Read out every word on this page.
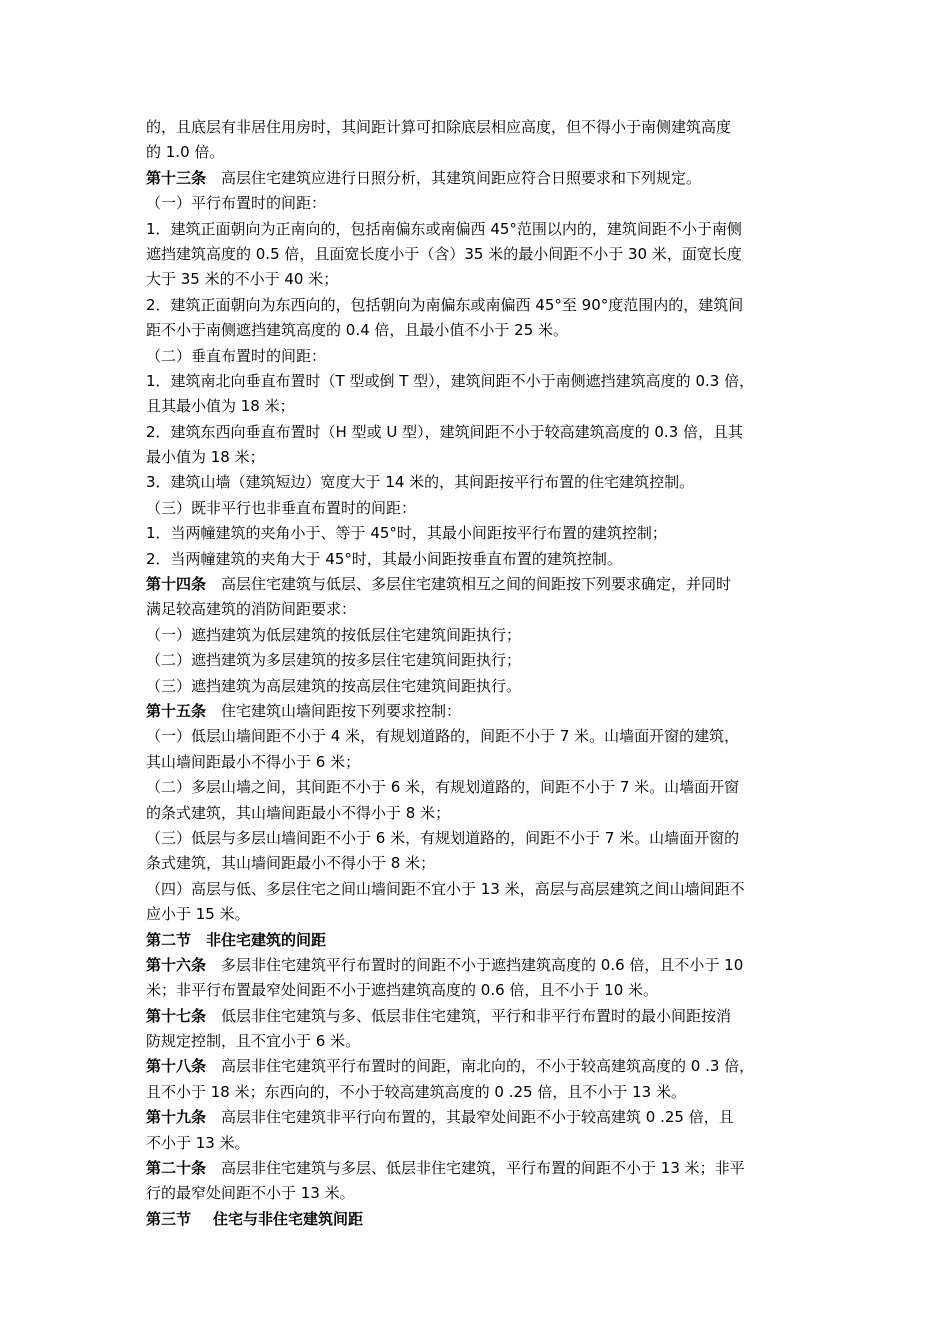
的，且底层有非居住用房时，其间距计算可扣除底层相应高度，但不得小于南侧建筑高度
的 1.0 倍。
第十三条 高层住宅建筑应进行日照分析，其建筑间距应符合日照要求和下列规定。
（一）平行布置时的间距：
1．建筑正面朝向为正南向的，包括南偏东或南偏西 45°范围以内的，建筑间距不小于南侧
遮挡建筑高度的 0.5 倍，且面宽长度小于（含）35 米的最小间距不小于 30 米，面宽长度
大于 35 米的不小于 40 米；
2．建筑正面朝向为东西向的，包括朝向为南偏东或南偏西 45°至 90°度范围内的，建筑间
距不小于南侧遮挡建筑高度的 0.4 倍，且最小值不小于 25 米。
（二）垂直布置时的间距：
1．建筑南北向垂直布置时（T 型或倒 T 型），建筑间距不小于南侧遮挡建筑高度的 0.3 倍，
且其最小值为 18 米；
2．建筑东西向垂直布置时（H 型或 U 型），建筑间距不小于较高建筑高度的 0.3 倍，且其
最小值为 18 米；
3．建筑山墙（建筑短边）宽度大于 14 米的，其间距按平行布置的住宅建筑控制。
（三）既非平行也非垂直布置时的间距：
1．当两幢建筑的夹角小于、等于 45°时，其最小间距按平行布置的建筑控制；
2．当两幢建筑的夹角大于 45°时，其最小间距按垂直布置的建筑控制。
第十四条 高层住宅建筑与低层、多层住宅建筑相互之间的间距按下列要求确定，并同时
满足较高建筑的消防间距要求：
（一）遮挡建筑为低层建筑的按低层住宅建筑间距执行；
（二）遮挡建筑为多层建筑的按多层住宅建筑间距执行；
（三）遮挡建筑为高层建筑的按高层住宅建筑间距执行。
第十五条 住宅建筑山墙间距按下列要求控制：
（一）低层山墙间距不小于 4 米，有规划道路的，间距不小于 7 米。山墙面开窗的建筑，
其山墙间距最小不得小于 6 米；
（二）多层山墙之间，其间距不小于 6 米，有规划道路的，间距不小于 7 米。山墙面开窗
的条式建筑，其山墙间距最小不得小于 8 米；
（三）低层与多层山墙间距不小于 6 米，有规划道路的，间距不小于 7 米。山墙面开窗的
条式建筑，其山墙间距最小不得小于 8 米；
（四）高层与低、多层住宅之间山墙间距不宜小于 13 米，高层与高层建筑之间山墙间距不
应小于 15 米。
第二节 非住宅建筑的间距
第十六条 多层非住宅建筑平行布置时的间距不小于遮挡建筑高度的 0.6 倍，且不小于 10
米；非平行布置最窄处间距不小于遮挡建筑高度的 0.6 倍，且不小于 10 米。
第十七条 低层非住宅建筑与多、低层非住宅建筑，平行和非平行布置时的最小间距按消
防规定控制，且不宜小于 6 米。
第十八条 高层非住宅建筑平行布置时的间距，南北向的，不小于较高建筑高度的 0 .3 倍，
且不小于 18 米；东西向的，不小于较高建筑高度的 0 .25 倍，且不小于 13 米。
第十九条 高层非住宅建筑非平行向布置的，其最窄处间距不小于较高建筑 0 .25 倍，且
不小于 13 米。
第二十条 高层非住宅建筑与多层、低层非住宅建筑，平行布置的间距不小于 13 米；非平
行的最窄处间距不小于 13 米。
第三节 住宅与非住宅建筑间距
